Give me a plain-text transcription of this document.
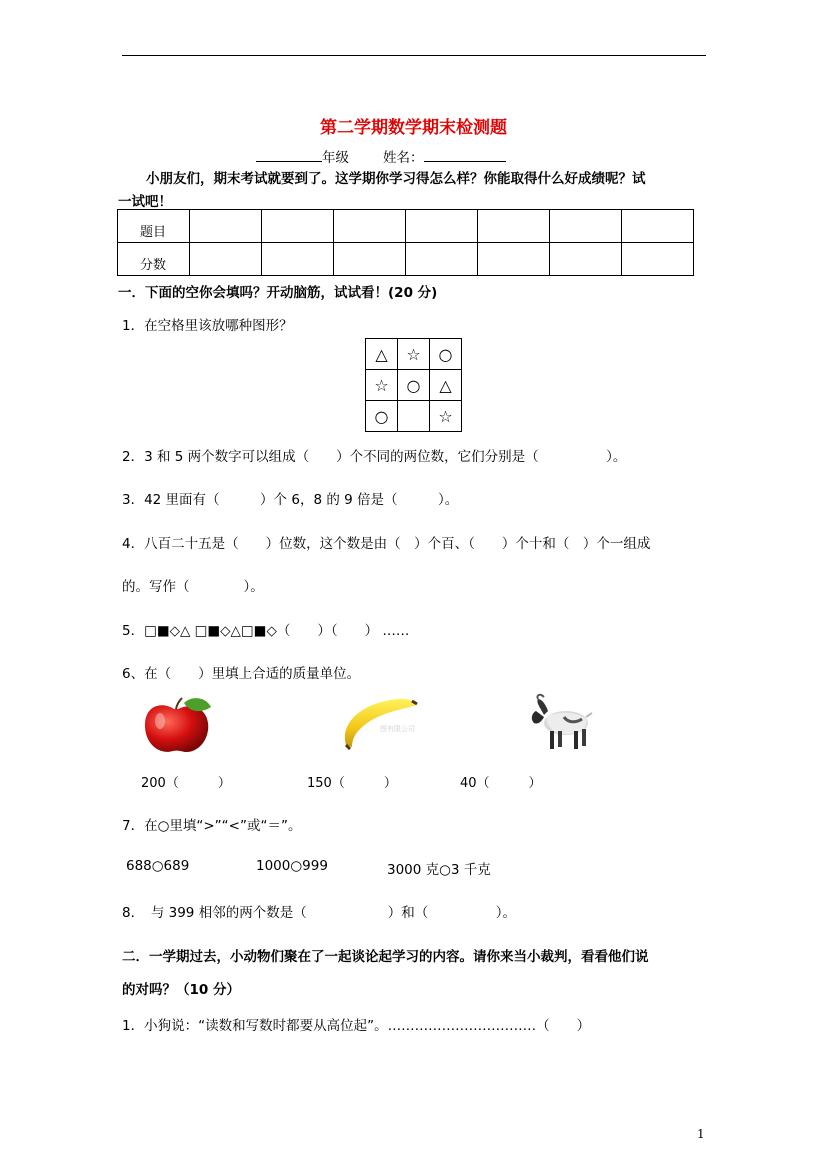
第二学期数学期末检测题
年级	姓名：
小朋友们，期末考试就要到了。这学期你学习得怎么样？你能取得什么好成绩呢？试
一试吧！
题目							
分数							
一．下面的空你会填吗？开动脑筋，试试看！(20 分)
1．在空格里该放哪种图形？
△	☆	○
☆	○	△
○		☆
2．3 和 5 两个数字可以组成（　　）个不同的两位数，它们分别是（　　　　　）。
3．42 里面有（　　　）个 6，8 的 9 倍是（　　　）。
4．八百二十五是（　　）位数，这个数是由（　）个百、（　　）个十和（　）个一组成
的。写作（　　　　）。
5．□■◇△ □■◇△□■◇（　　）（　　） ……
6、在（　　）里填上合适的质量单位。
图有限公司
200（　　　）	150（　　　）	40（　　　）
7．在○里填“>”“<”或“＝”。
688○689	1000○999	3000 克○3 千克
8．　与 399 相邻的两个数是（　　　　　　）和（　　　　　）。
二．一学期过去，小动物们聚在了一起谈论起学习的内容。请你来当小裁判，看看他们说
的对吗？（10 分）
1．小狗说：“读数和写数时都要从高位起”。……………………………（　　）
1
